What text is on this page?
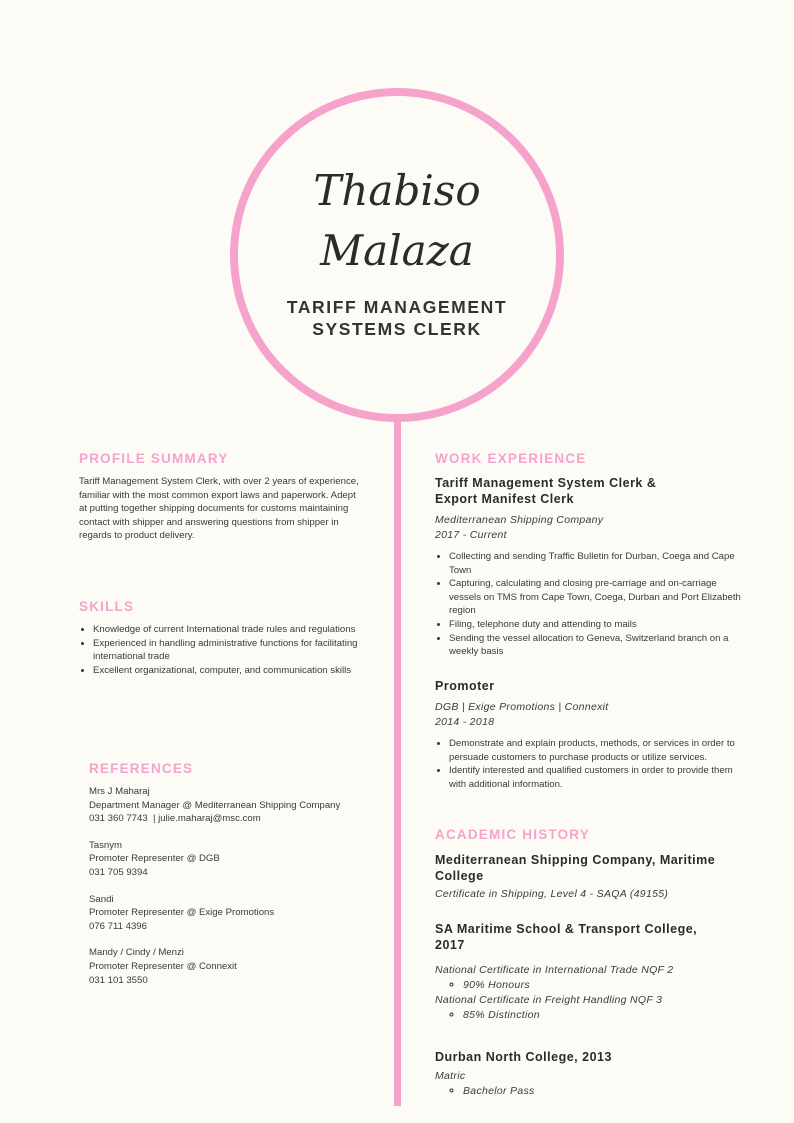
Thabiso
Malaza
TARIFF MANAGEMENT
SYSTEMS CLERK
PROFILE SUMMARY
Tariff Management System Clerk, with over 2 years of experience, familiar with the most common export laws and paperwork. Adept at putting together shipping documents for customs maintaining contact with shipper and answering questions from shipper in regards to product delivery.
SKILLS
• Knowledge of current International trade rules and regulations
• Experienced in handling administrative functions for facilitating international trade
• Excellent organizational, computer, and communication skills
REFERENCES
Mrs J Maharaj
Department Manager @ Mediterranean Shipping Company
031 360 7743  | julie.maharaj@msc.com
Tasnym
Promoter Representer @ DGB
031 705 9394
Sandi
Promoter Representer @ Exige Promotions
076 711 4396
Mandy / Cindy / Menzi
Promoter Representer @ Connexit
031 101 3550
WORK EXPERIENCE
Tariff Management System Clerk &
Export Manifest Clerk
Mediterranean Shipping Company
2017 - Current
• Collecting and sending Traffic Bulletin for Durban, Coega and Cape Town
• Capturing, calculating and closing pre-carriage and on-carriage vessels on TMS from Cape Town, Coega, Durban and Port Elizabeth region
• Filing, telephone duty and attending to mails
• Sending the vessel allocation to Geneva, Switzerland branch on a weekly basis
Promoter
DGB | Exige Promotions | Connexit
2014 - 2018
• Demonstrate and explain products, methods, or services in order to persuade customers to purchase products or utilize services.
• Identify interested and qualified customers in order to provide them with additional information.
ACADEMIC HISTORY
Mediterranean Shipping Company, Maritime
College
Certificate in Shipping, Level 4 - SAQA (49155)
SA Maritime School & Transport College,
2017
National Certificate in International Trade NQF 2
◦ 90% Honours
National Certificate in Freight Handling NQF 3
◦ 85% Distinction
Durban North College, 2013
Matric
◦ Bachelor Pass
